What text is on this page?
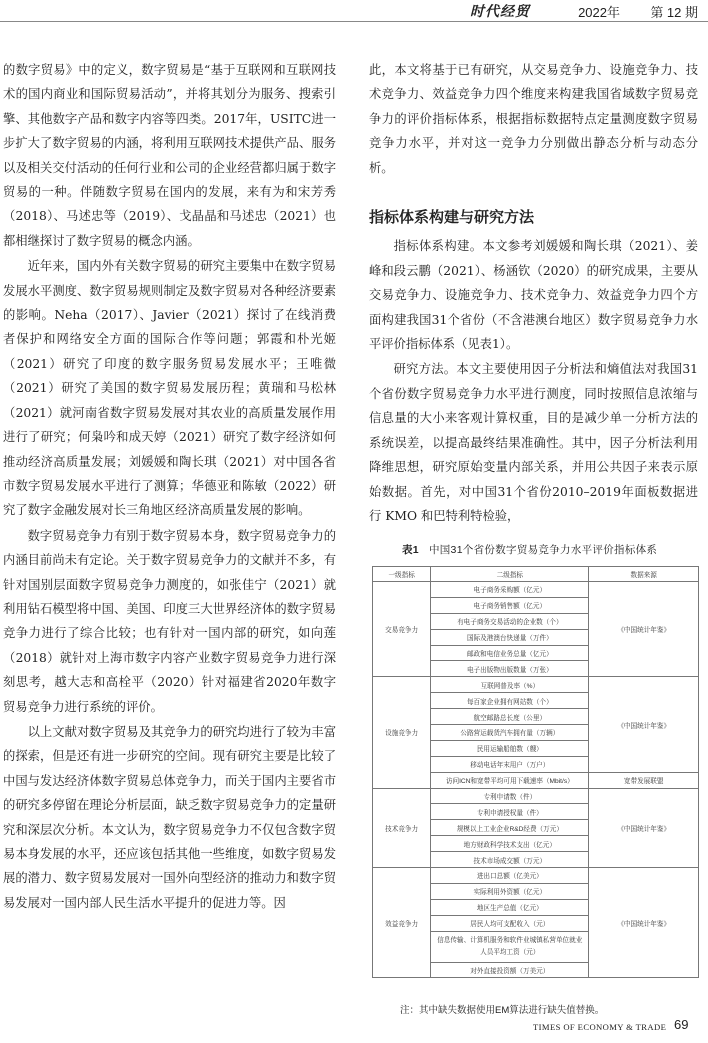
时代经贸	2022年 第 12 期

的数字贸易》中的定义，数字贸易是“基于互联网和互联网技术的国内商业和国际贸易活动”，并将其划分为服务、搜索引擎、其他数字产品和数字内容等四类。2017年，USITC进一步扩大了数字贸易的内涵，将利用互联网技术提供产品、服务以及相关交付活动的任何行业和公司的企业经营都归属于数字贸易的一种。伴随数字贸易在国内的发展，来有为和宋芳秀（2018）、马述忠等（2019）、戈晶晶和马述忠（2021）也都相继探讨了数字贸易的概念内涵。

近年来，国内外有关数字贸易的研究主要集中在数字贸易发展水平测度、数字贸易规则制定及数字贸易对各种经济要素的影响。Neha（2017）、Javier（2021）探讨了在线消费者保护和网络安全方面的国际合作等问题；郭霞和朴光姬（2021）研究了印度的数字服务贸易发展水平；王唯微（2021）研究了美国的数字贸易发展历程；黄瑞和马松林（2021）就河南省数字贸易发展对其农业的高质量发展作用进行了研究；何枭吟和成天婷（2021）研究了数字经济如何推动经济高质量发展；刘媛媛和陶长琪（2021）对中国各省市数字贸易发展水平进行了测算；华德亚和陈敏（2022）研究了数字金融发展对长三角地区经济高质量发展的影响。

数字贸易竞争力有别于数字贸易本身，数字贸易竞争力的内涵目前尚未有定论。关于数字贸易竞争力的文献并不多，有针对国别层面数字贸易竞争力测度的，如张佳宁（2021）就利用钻石模型将中国、美国、印度三大世界经济体的数字贸易竞争力进行了综合比较；也有针对一国内部的研究，如向莲（2018）就针对上海市数字内容产业数字贸易竞争力进行深刻思考，越大志和高栓平（2020）针对福建省2020年数字贸易竞争力进行系统的评价。

以上文献对数字贸易及其竞争力的研究均进行了较为丰富的探索，但是还有进一步研究的空间。现有研究主要是比较了中国与发达经济体数字贸易总体竞争力，而关于国内主要省市的研究多停留在理论分析层面，缺乏数字贸易竞争力的定量研究和深层次分析。本文认为，数字贸易竞争力不仅包含数字贸易本身发展的水平，还应该包括其他一些维度，如数字贸易发展的潜力、数字贸易发展对一国外向型经济的推动力和数字贸易发展对一国内部人民生活水平提升的促进力等。因

此，本文将基于已有研究，从交易竞争力、设施竞争力、技术竞争力、效益竞争力四个维度来构建我国省域数字贸易竞争力的评价指标体系，根据指标数据特点定量测度数字贸易竞争力水平，并对这一竞争力分别做出静态分析与动态分析。

指标体系构建与研究方法

指标体系构建。本文参考刘媛媛和陶长琪（2021）、姜峰和段云鹏（2021）、杨涵钦（2020）的研究成果，主要从交易竞争力、设施竞争力、技术竞争力、效益竞争力四个方面构建我国31个省份（不含港澳台地区）数字贸易竞争力水平评价指标体系（见表1）。

研究方法。本文主要使用因子分析法和熵值法对我国31个省份数字贸易竞争力水平进行测度，同时按照信息浓缩与信息量的大小来客观计算权重，目的是减少单一分析方法的系统误差，以提高最终结果准确性。其中，因子分析法利用降维思想，研究原始变量内部关系，并用公共因子来表示原始数据。首先，对中国31个省份2010–2019年面板数据进行 KMO 和巴特利特检验，

表1 中国31个省份数字贸易竞争力水平评价指标体系
一级指标	二级指标	数据来源
交易竞争力	电子商务采购额（亿元）	《中国统计年鉴》
	电子商务销售额（亿元）	
	有电子商务交易活动的企业数（个）	
	国际及港澳台快递量（万件）	
	邮政和电信业务总量（亿元）	
	电子出版物出版数量（万张）	
设施竞争力	互联网普及率（%）	《中国统计年鉴》
	每百家企业拥有网站数（个）	
	航空邮路总长度（公里）	
	公路营运载货汽车拥有量（万辆）	
	民用运输船舶数（艘）	
	移动电话年末用户（万户）	
	访问ICN和宽带平均可用下载速率（Mbit/s）	宽带发展联盟
技术竞争力	专利申请数（件）	《中国统计年鉴》
	专利申请授权量（件）	
	规模以上工业企业R&D经费（万元）	
	地方财政科学技术支出（亿元）	
	技术市场成交额（万元）	
效益竞争力	进出口总额（亿美元）	《中国统计年鉴》
	实际利用外资额（亿元）	
	地区生产总值（亿元）	
	居民人均可支配收入（元）	
	信息传输、计算机服务和软件业城镇私营单位就业人员平均工资（元）	
	对外直接投资额（万美元）	
注：其中缺失数据使用EM算法进行缺失值替换。
TIMES OF ECONOMY & TRADE 69
